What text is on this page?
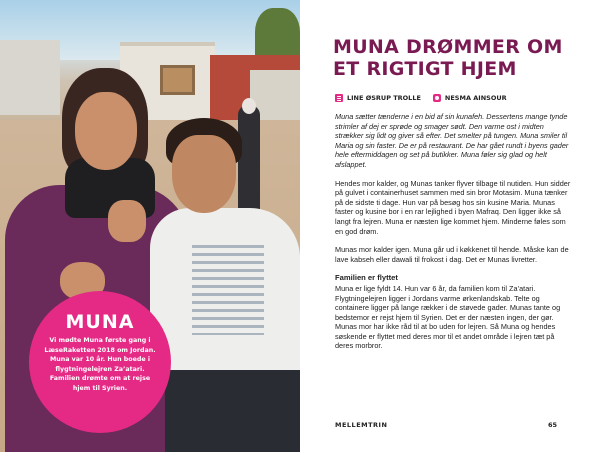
MUNA

Vi mødte Muna første gang i LæseRaketten 2018 om Jordan. Muna var 10 år. Hun boede i flygtningelejren Za’atari. Familien drømte om at rejse hjem til Syrien.

MUNA DRØMMER OM
ET RIGTIGT HJEM
LINE ØSRUP TROLLE	NESMA AINSOUR

Muna sætter tænderne i en bid af sin kunafeh. Dessertens mange tynde strimler af dej er sprøde og smager sødt. Den varme ost i midten strækker sig lidt og giver så efter. Det smelter på tungen. Muna smiler til Maria og sin faster. De er på restaurant. De har gået rundt i byens gader hele eftermiddagen og set på butikker. Muna føler sig glad og helt afslappet.

Hendes mor kalder, og Munas tanker flyver tilbage til nutiden. Hun sidder på gulvet i containerhuset sammen med sin bror Motasim. Muna tænker på de sidste ti dage. Hun var på besøg hos sin kusine Maria. Munas faster og kusine bor i en rar lejlighed i byen Mafraq. Den ligger ikke så langt fra lejren. Muna er næsten lige kommet hjem. Minderne føles som en god drøm.

Munas mor kalder igen. Muna går ud i køkkenet til hende. Måske kan de lave kabseh eller dawali til frokost i dag. Det er Munas livretter.

Familien er flyttet

Muna er lige fyldt 14. Hun var 6 år, da familien kom til Za’atari. Flygtningelejren ligger i Jordans varme ørkenlandskab. Telte og containere ligger på lange rækker i de støvede gader. Munas tante og bedstemor er rejst hjem til Syrien. Det er der næsten ingen, der gør. Munas mor har ikke råd til at bo uden for lejren. Så Muna og hendes søskende er flyttet med deres mor til et andet område i lejren tæt på deres morbror.

MELLEMTRIN	65
